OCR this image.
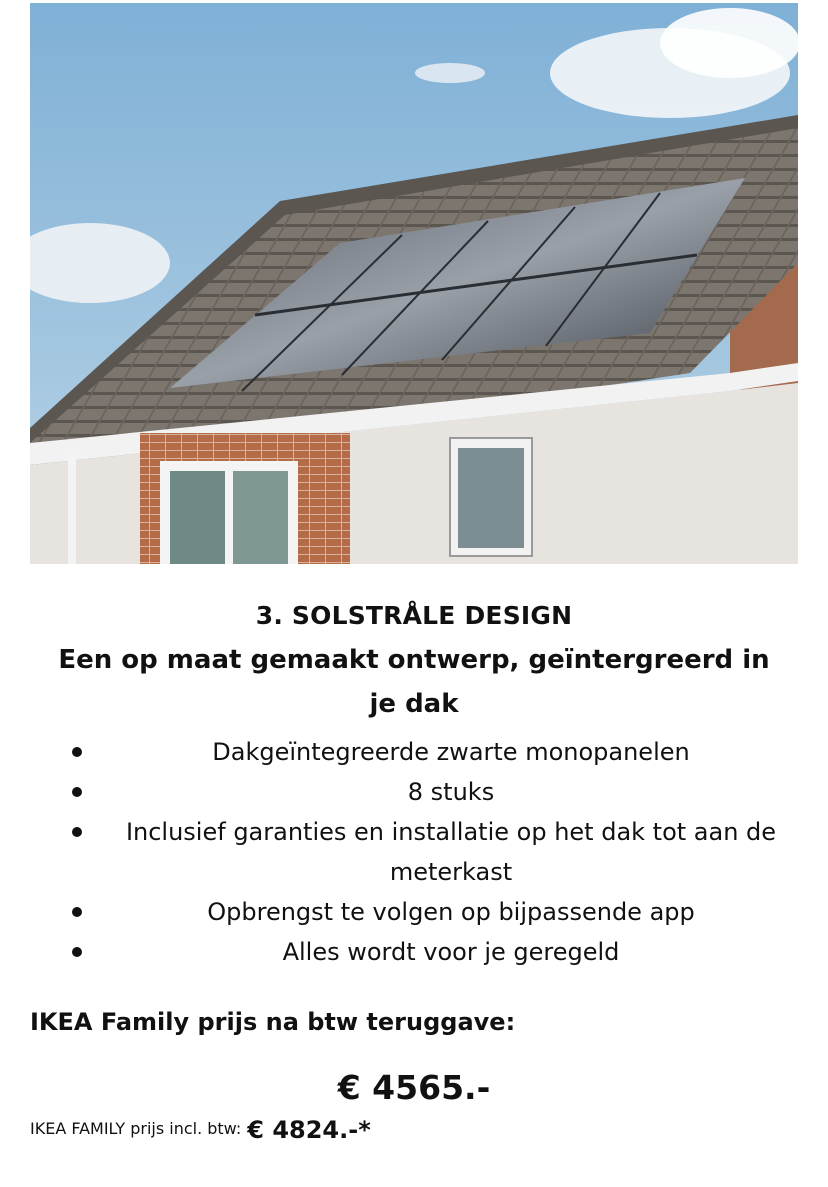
3. SOLSTRÅLE DESIGN
Een op maat gemaakt ontwerp, geïntergreerd in je dak
Dakgeïntegreerde zwarte monopanelen
8 stuks
Inclusief garanties en installatie op het dak tot aan de meterkast
Opbrengst te volgen op bijpassende app
Alles wordt voor je geregeld

IKEA Family prijs na btw teruggave:

€ 4565.-

IKEA FAMILY prijs incl. btw: € 4824.-*
